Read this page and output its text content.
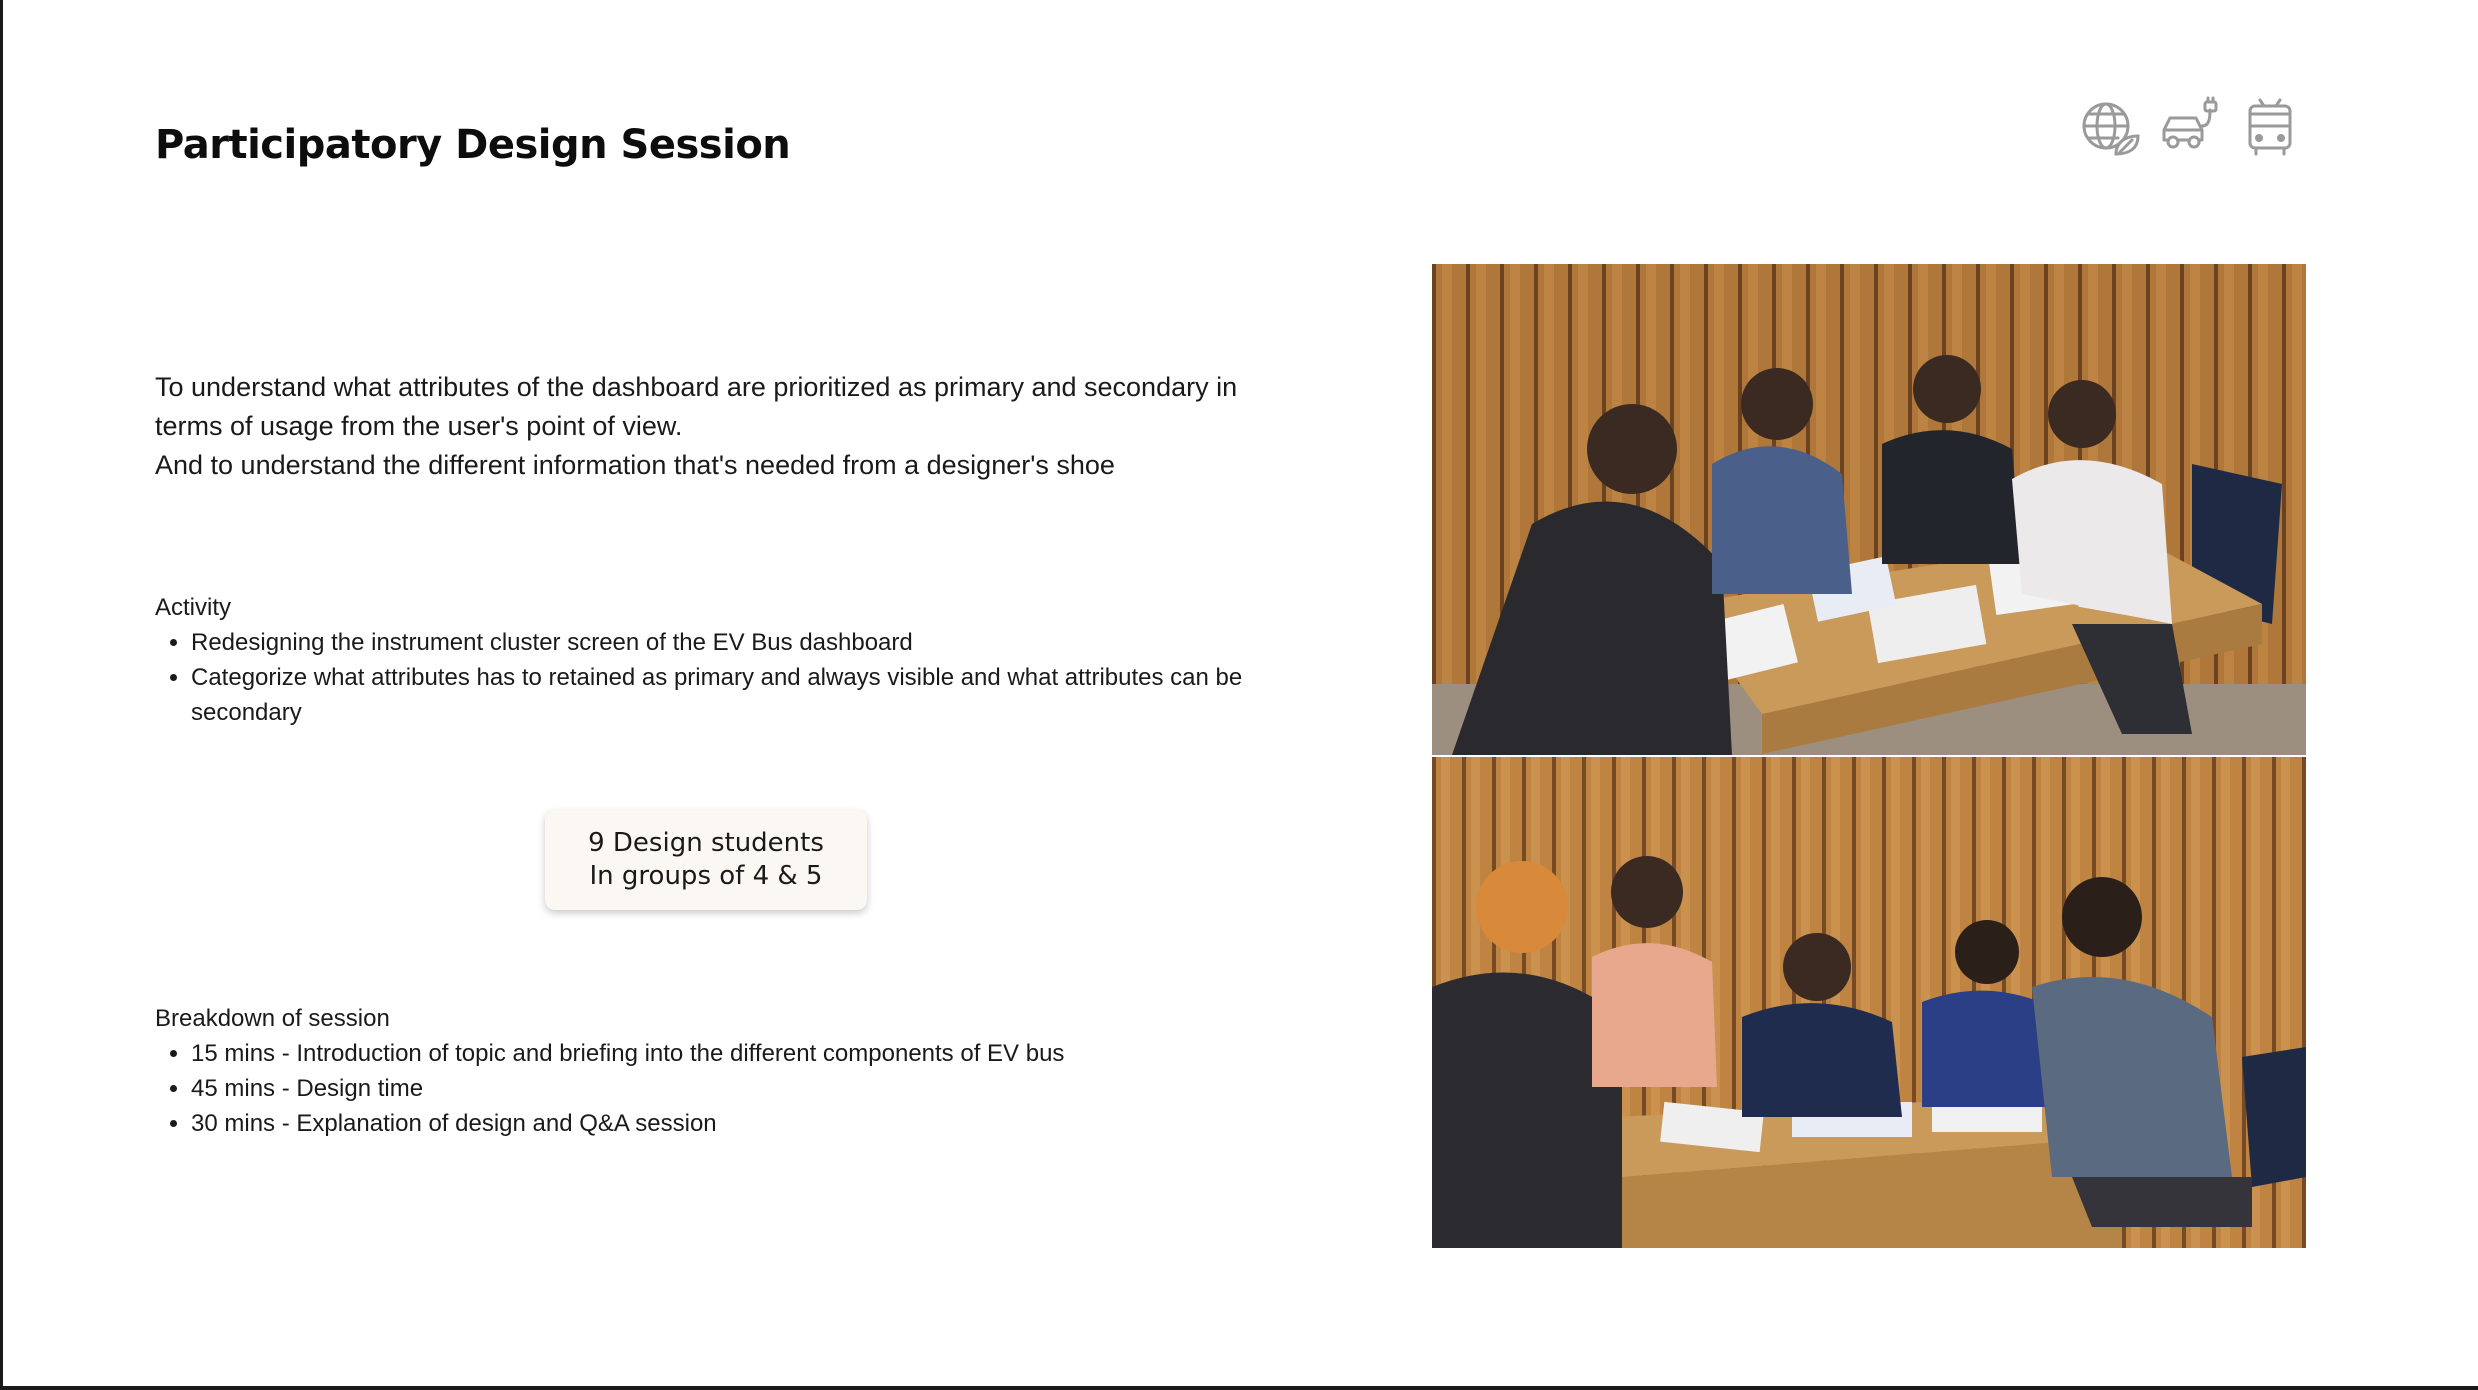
Participatory Design Session
To understand what attributes of the dashboard are prioritized as primary and secondary in
terms of usage from the user's point of view.
And to understand the different information that's needed from a designer's shoe

Activity

• Redesigning the instrument cluster screen of the EV Bus dashboard
• Categorize what attributes has to retained as primary and always visible and what attributes can be secondary
9 Design students
In groups of 4 & 5

Breakdown of session

• 15 mins - Introduction of topic and briefing into the different components of EV bus
• 45 mins - Design time
• 30 mins - Explanation of design and Q&A session
